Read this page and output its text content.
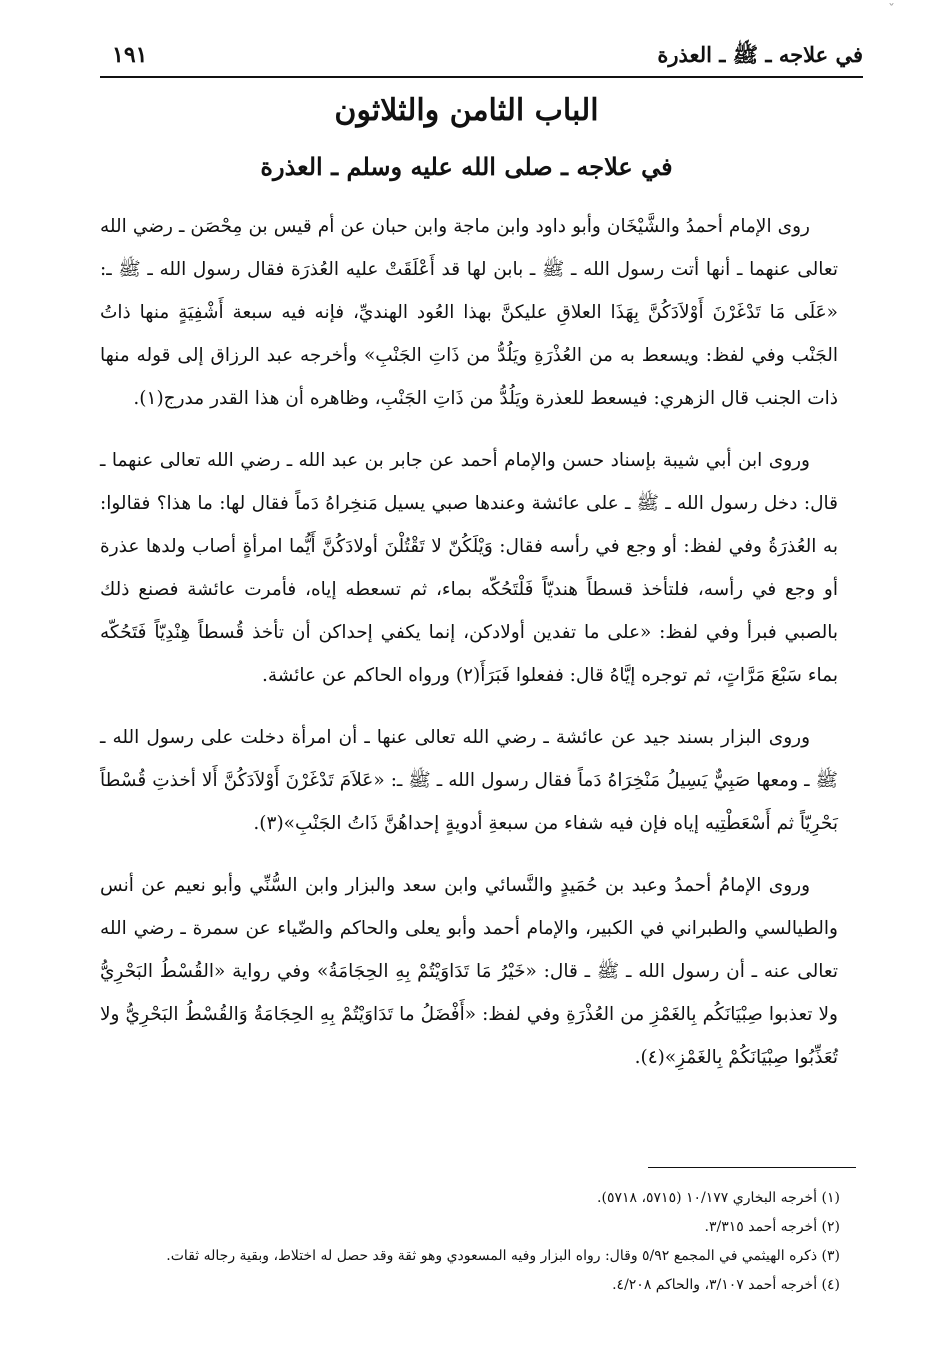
ˇ
في علاجه ـ ﷺ ـ العذرة
١٩١
الباب الثامن والثلاثون
في علاجه ـ صلى الله عليه وسلم ـ العذرة

روى الإمام أحمدُ والشَّيْخَان وأبو داود وابن ماجة وابن حبان عن أم قيس بن مِحْصَن ـ رضي الله تعالى عنهما ـ أنها أتت رسول الله ـ ﷺ ـ بابن لها قد أَعْلَقَتْ عليه العُذرَة فقال رسول الله ـ ﷺ ـ: «عَلَى مَا تَدْغَرْنَ أَوْلاَدَكُنَّ بِهَذَا العلاقِ عليكنَّ بهذا العُود الهنديِّ، فإنه فيه سبعة أَشْفِيَةٍ منها ذاتُ الجَنْب وفي لفظ: ويسعط به من العُذْرَةِ ويَلُدُّ من ذَاتِ الجَنْبِ» وأخرجه عبد الرزاق إلى قوله منها ذات الجنب قال الزهري: فيسعط للعذرة ويَلُدُّ من ذَاتِ الجَنْبِ، وظاهره أن هذا القدر مدرج(١).

وروى ابن أبي شيبة بإسناد حسن والإمام أحمد عن جابر بن عبد الله ـ رضي الله تعالى عنهما ـ قال: دخل رسول الله ـ ﷺ ـ على عائشة وعندها صبي يسيل مَنخِراهُ دَماً فقال لها: ما هذا؟ فقالوا: به العُذرَةُ وفي لفظ: أو وجع في رأسه فقال: وَيْلَكُنّ لا تَقْتُلْنَ أولادَكُنَّ أَيُّما امرأةٍ أصاب ولدها عذرة أو وجع في رأسه، فلتأخذ قسطاً هنديّاً فَلْتَحُكّه بماء، ثم تسعطه إياه، فأمرت عائشة فصنع ذلك بالصبي فبرأ وفي لفظ: «على ما تفدين أولادكن، إنما يكفي إحداكن أن تأخذ قُسطاً هِنْدِيّاً فَتَحُكّه بماء سَبْعَ مَرَّاتٍ، ثم توجره إيَّاهُ قال: ففعلوا فَبَرَأَ(٢) ورواه الحاكم عن عائشة.

وروى البزار بسند جيد عن عائشة ـ رضي الله تعالى عنها ـ أن امرأة دخلت على رسول الله ـ ﷺ ـ ومعها صَبِيٌّ يَسِيلُ مَنْخِرَاهُ دَماً فقال رسول الله ـ ﷺ ـ: «عَلاَمَ تَدْغَرْنَ أَوْلاَدَكُنَّ أَلا أخذتِ قُسْطاً بَحْرِيّاً ثم أَسْعَطْتِيه إياه فإن فيه شفاء من سبعةِ أدويةٍ إحداهُنَّ ذَاتُ الجَنْبِ»(٣).

وروى الإمامُ أحمدُ وعبد بن حُمَيدٍ والنَّسائي وابن سعد والبزار وابن السُّنِّي وأبو نعيم عن أنس والطيالسي والطبراني في الكبير، والإمام أحمد وأبو يعلى والحاكم والضّياء عن سمرة ـ رضي الله تعالى عنه ـ أن رسول الله ـ ﷺ ـ قال: «خَيْرُ مَا تَدَاوَيْتُمْ بِهِ الحِجَامَةُ» وفي رواية «القُسْطُ البَحْرِيُّ ولا تعذبوا صِبْيَانَكُم بِالغَمْزِ من العُذْرَةِ وفي لفظ: «أَفْضَلُ ما تَدَاوَيْتُمْ بِهِ الحِجَامَةُ وَالقُسْطُ البَحْرِيُّ ولا تُعَذِّبُوا صِبْيَانَكُمْ بِالغَمْزِ»(٤).

(١) أخرجه البخاري ١٠/١٧٧ (٥٧١٥، ٥٧١٨).
(٢) أخرجه أحمد ٣/٣١٥.
(٣) ذكره الهيثمي في المجمع ٥/٩٢ وقال: رواه البزار وفيه المسعودي وهو ثقة وقد حصل له اختلاط، وبقية رجاله ثقات.
(٤) أخرجه أحمد ٣/١٠٧، والحاكم ٤/٢٠٨.
